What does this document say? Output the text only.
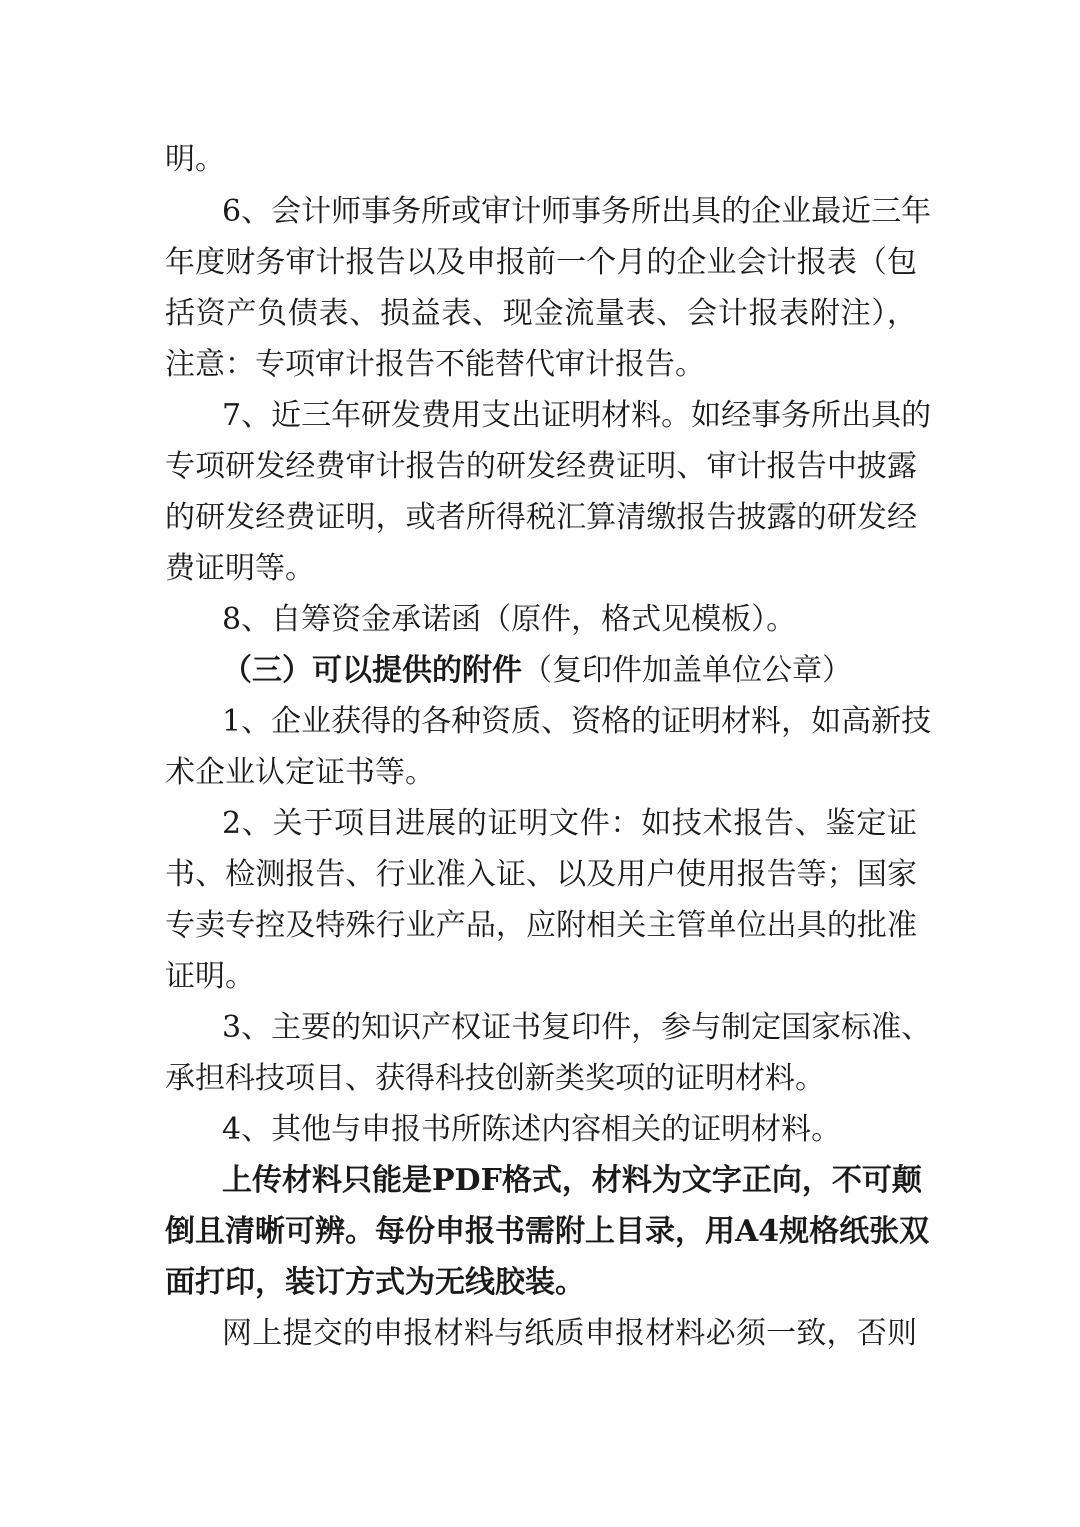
明。
6、会计师事务所或审计师事务所出具的企业最近三年
年度财务审计报告以及申报前一个月的企业会计报表（包
括资产负债表、损益表、现金流量表、会计报表附注），
注意：专项审计报告不能替代审计报告。
7、近三年研发费用支出证明材料。如经事务所出具的
专项研发经费审计报告的研发经费证明、审计报告中披露
的研发经费证明，或者所得税汇算清缴报告披露的研发经
费证明等。
8、自筹资金承诺函（原件，格式见模板）。
（三）可以提供的附件（复印件加盖单位公章）
1、企业获得的各种资质、资格的证明材料，如高新技
术企业认定证书等。
2、关于项目进展的证明文件：如技术报告、鉴定证
书、检测报告、行业准入证、以及用户使用报告等；国家
专卖专控及特殊行业产品，应附相关主管单位出具的批准
证明。
3、主要的知识产权证书复印件，参与制定国家标准、
承担科技项目、获得科技创新类奖项的证明材料。
4、其他与申报书所陈述内容相关的证明材料。
上传材料只能是PDF格式，材料为文字正向，不可颠
倒且清晰可辨。每份申报书需附上目录，用A4规格纸张双
面打印，装订方式为无线胶装。
网上提交的申报材料与纸质申报材料必须一致，否则
